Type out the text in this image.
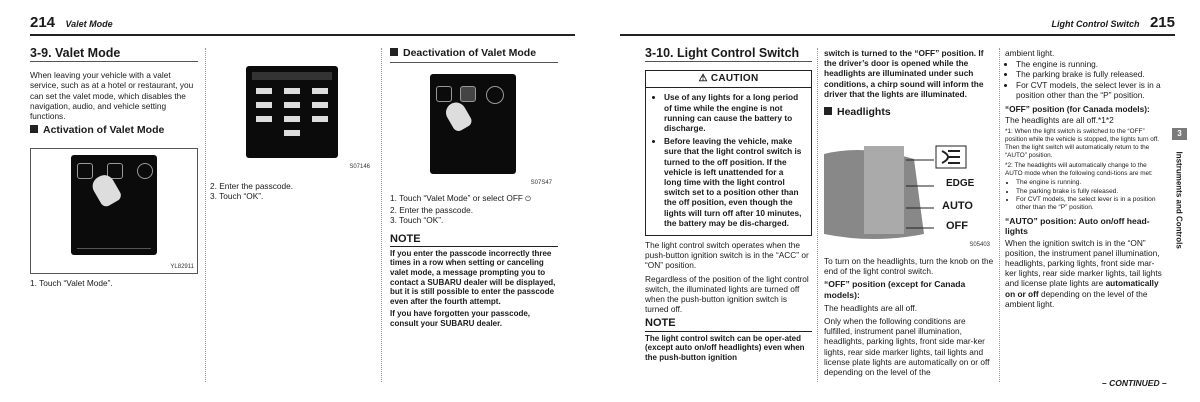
214 Valet Mode
3-9. Valet Mode

When leaving your vehicle with a valet service, such as at a hotel or restaurant, you can set the valet mode, which disables the navigation, audio, and vehicle setting functions.

Activation of Valet Mode
YL82911
1. Touch “Valet Mode”.
S07146
2. Enter the passcode.
3. Touch “OK”.
Deactivation of Valet Mode
S07S47
1. Touch “Valet Mode” or select OFF ⏻
2. Enter the passcode.
3. Touch “OK”.
NOTE

If you enter the passcode incorrectly three times in a row when setting or canceling valet mode, a message prompting you to contact a SUBARU dealer will be displayed, but it is still possible to enter the passcode even after the fourth attempt.

If you have forgotten your passcode, consult your SUBARU dealer.

Light Control Switch 215
3-10. Light Control Switch
⚠ CAUTION
• Use of any lights for a long period of time while the engine is not running can cause the battery to discharge.
• Before leaving the vehicle, make sure that the light control switch is turned to the off position. If the vehicle is left unattended for a long time with the light control switch set to a position other than the off position, even though the lights will turn off after 10 minutes, the battery may be dis-charged.

The light control switch operates when the push-button ignition switch is in the “ACC” or “ON” position.

Regardless of the position of the light control switch, the illuminated lights are turned off when the push-button ignition switch is turned off.

NOTE

The light control switch can be oper-ated (except auto on/off headlights) even when the push-button ignition

switch is turned to the “OFF” position. If the driver’s door is opened while the headlights are illuminated under such conditions, a chirp sound will inform the driver that the lights are illuminated.

Headlights
EDGE
AUTO
OFF
S05403

To turn on the headlights, turn the knob on the end of the light control switch.

“OFF” position (except for Canada models):

The headlights are all off.

Only when the following conditions are fulfilled, instrument panel illumination, headlights, parking lights, front side mar-ker lights, rear side marker lights, tail lights and license plate lights are automatically on or off depending on the level of the

ambient light.

• The engine is running.
• The parking brake is fully released.
• For CVT models, the select lever is in a position other than the “P” position.

“OFF” position (for Canada models):

The headlights are all off.*1*2

*1: When the light switch is switched to the “OFF” position while the vehicle is stopped, the lights turn off. Then the light switch will automatically return to the “AUTO” position.

*2: The headlights will automatically change to the AUTO mode when the following condi-tions are met:

• The engine is running.
• The parking brake is fully released.
• For CVT models, the select lever is in a position other than the “P” position.

“AUTO” position: Auto on/off head-lights

When the ignition switch is in the “ON” position, the instrument panel illumination, headlights, parking lights, front side mar-ker lights, rear side marker lights, tail lights and license plate lights are automatically on or off depending on the level of the ambient light.

3
Instruments and Controls
– CONTINUED –
